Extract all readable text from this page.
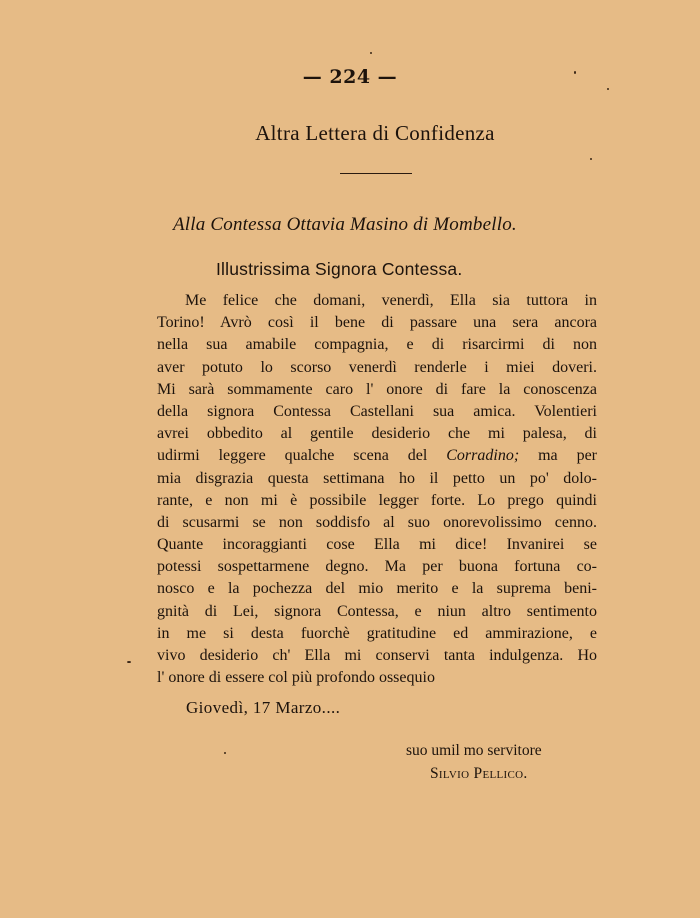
— 224 —
Altra Lettera di Confidenza
Alla Contessa Ottavia Masino di Mombello.
Illustrissima Signora Contessa.
Me felice che domani, venerdì, Ella sia tuttora in
Torino! Avrò così il bene di passare una sera ancora
nella sua amabile compagnia, e di risarcirmi di non
aver potuto lo scorso venerdì renderle i miei doveri.
Mi sarà sommamente caro l' onore di fare la conoscenza
della signora Contessa Castellani sua amica. Volentieri
avrei obbedito al gentile desiderio che mi palesa, di
udirmi leggere qualche scena del Corradino; ma per
mia disgrazia questa settimana ho il petto un po' dolo-
rante, e non mi è possibile legger forte. Lo prego quindi
di scusarmi se non soddisfo al suo onorevolissimo cenno.
Quante incoraggianti cose Ella mi dice! Invanirei se
potessi sospettarmene degno. Ma per buona fortuna co-
nosco e la pochezza del mio merito e la suprema beni-
gnità di Lei, signora Contessa, e niun altro sentimento
in me si desta fuorchè gratitudine ed ammirazione, e
vivo desiderio ch' Ella mi conservi tanta indulgenza. Ho
l' onore di essere col più profondo ossequio
Giovedì, 17 Marzo....
suo umil mo servitore
Silvio Pellico.
